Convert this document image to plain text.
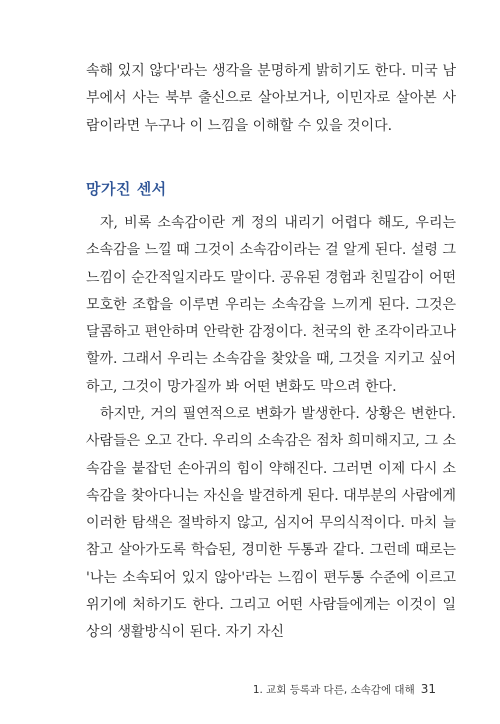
속해 있지 않다'라는 생각을 분명하게 밝히기도 한다. 미국 남부에서 사는 북부 출신으로 살아보거나, 이민자로 살아본 사람이라면 누구나 이 느낌을 이해할 수 있을 것이다.

망가진 센서

자, 비록 소속감이란 게 정의 내리기 어렵다 해도, 우리는 소속감을 느낄 때 그것이 소속감이라는 걸 알게 된다. 설령 그 느낌이 순간적일지라도 말이다. 공유된 경험과 친밀감이 어떤 모호한 조합을 이루면 우리는 소속감을 느끼게 된다. 그것은 달콤하고 편안하며 안락한 감정이다. 천국의 한 조각이라고나 할까. 그래서 우리는 소속감을 찾았을 때, 그것을 지키고 싶어 하고, 그것이 망가질까 봐 어떤 변화도 막으려 한다.

하지만, 거의 필연적으로 변화가 발생한다. 상황은 변한다. 사람들은 오고 간다. 우리의 소속감은 점차 희미해지고, 그 소속감을 붙잡던 손아귀의 힘이 약해진다. 그러면 이제 다시 소속감을 찾아다니는 자신을 발견하게 된다. 대부분의 사람에게 이러한 탐색은 절박하지 않고, 심지어 무의식적이다. 마치 늘 참고 살아가도록 학습된, 경미한 두통과 같다. 그런데 때로는 '나는 소속되어 있지 않아'라는 느낌이 편두통 수준에 이르고 위기에 처하기도 한다. 그리고 어떤 사람들에게는 이것이 일상의 생활방식이 된다. 자기 자신

1. 교회 등록과 다른, 소속감에 대해 31
